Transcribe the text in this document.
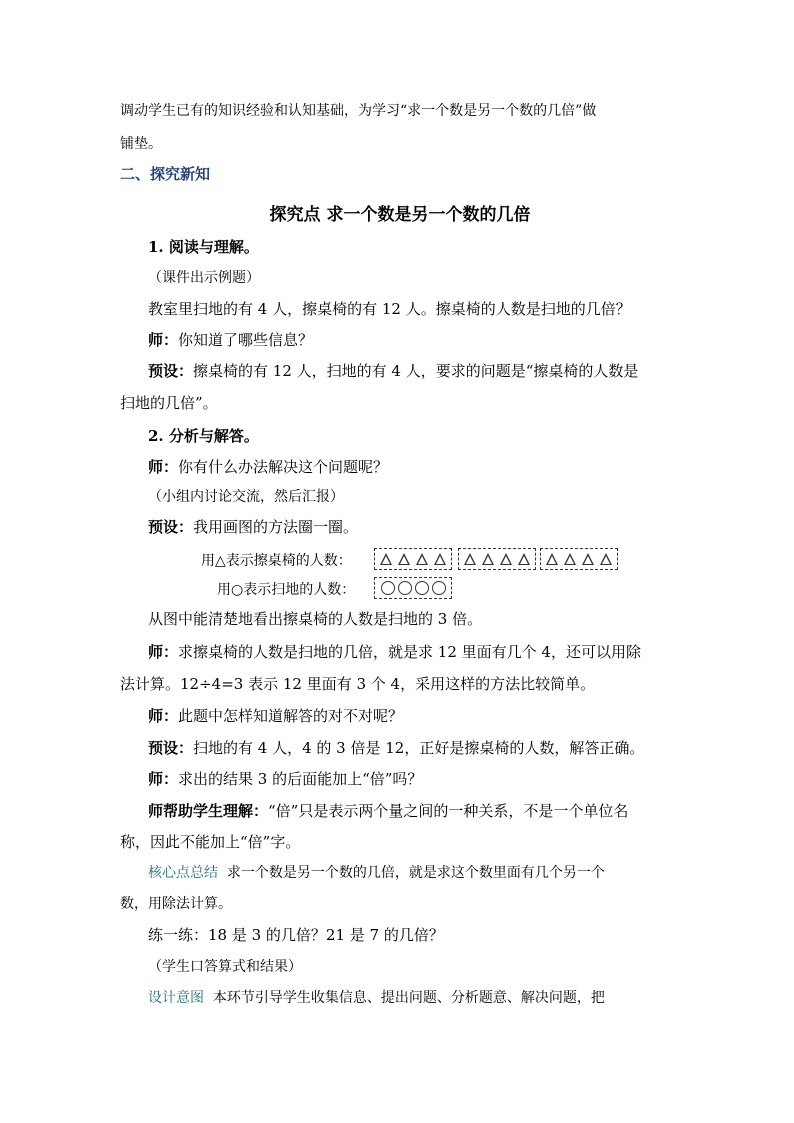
调动学生已有的知识经验和认知基础，为学习“求一个数是另一个数的几倍”做
铺垫。
二、探究新知
探究点 求一个数是另一个数的几倍
1. 阅读与理解。
（课件出示例题）
教室里扫地的有 4 人，擦桌椅的有 12 人。擦桌椅的人数是扫地的几倍？
师：你知道了哪些信息？
预设：擦桌椅的有 12 人，扫地的有 4 人，要求的问题是“擦桌椅的人数是
扫地的几倍”。
2. 分析与解答。
师：你有什么办法解决这个问题呢？
（小组内讨论交流，然后汇报）
预设：我用画图的方法圈一圈。
用△表示擦桌椅的人数：
用○表示扫地的人数：
从图中能清楚地看出擦桌椅的人数是扫地的 3 倍。
师：求擦桌椅的人数是扫地的几倍，就是求 12 里面有几个 4，还可以用除
法计算。12÷4=3 表示 12 里面有 3 个 4，采用这样的方法比较简单。
师：此题中怎样知道解答的对不对呢？
预设：扫地的有 4 人，4 的 3 倍是 12，正好是擦桌椅的人数，解答正确。
师：求出的结果 3 的后面能加上“倍”吗？
师帮助学生理解：“倍”只是表示两个量之间的一种关系，不是一个单位名
称，因此不能加上“倍”字。
核心点总结 求一个数是另一个数的几倍，就是求这个数里面有几个另一个
数，用除法计算。
练一练：18 是 3 的几倍？21 是 7 的几倍？
（学生口答算式和结果）
设计意图 本环节引导学生收集信息、提出问题、分析题意、解决问题，把
